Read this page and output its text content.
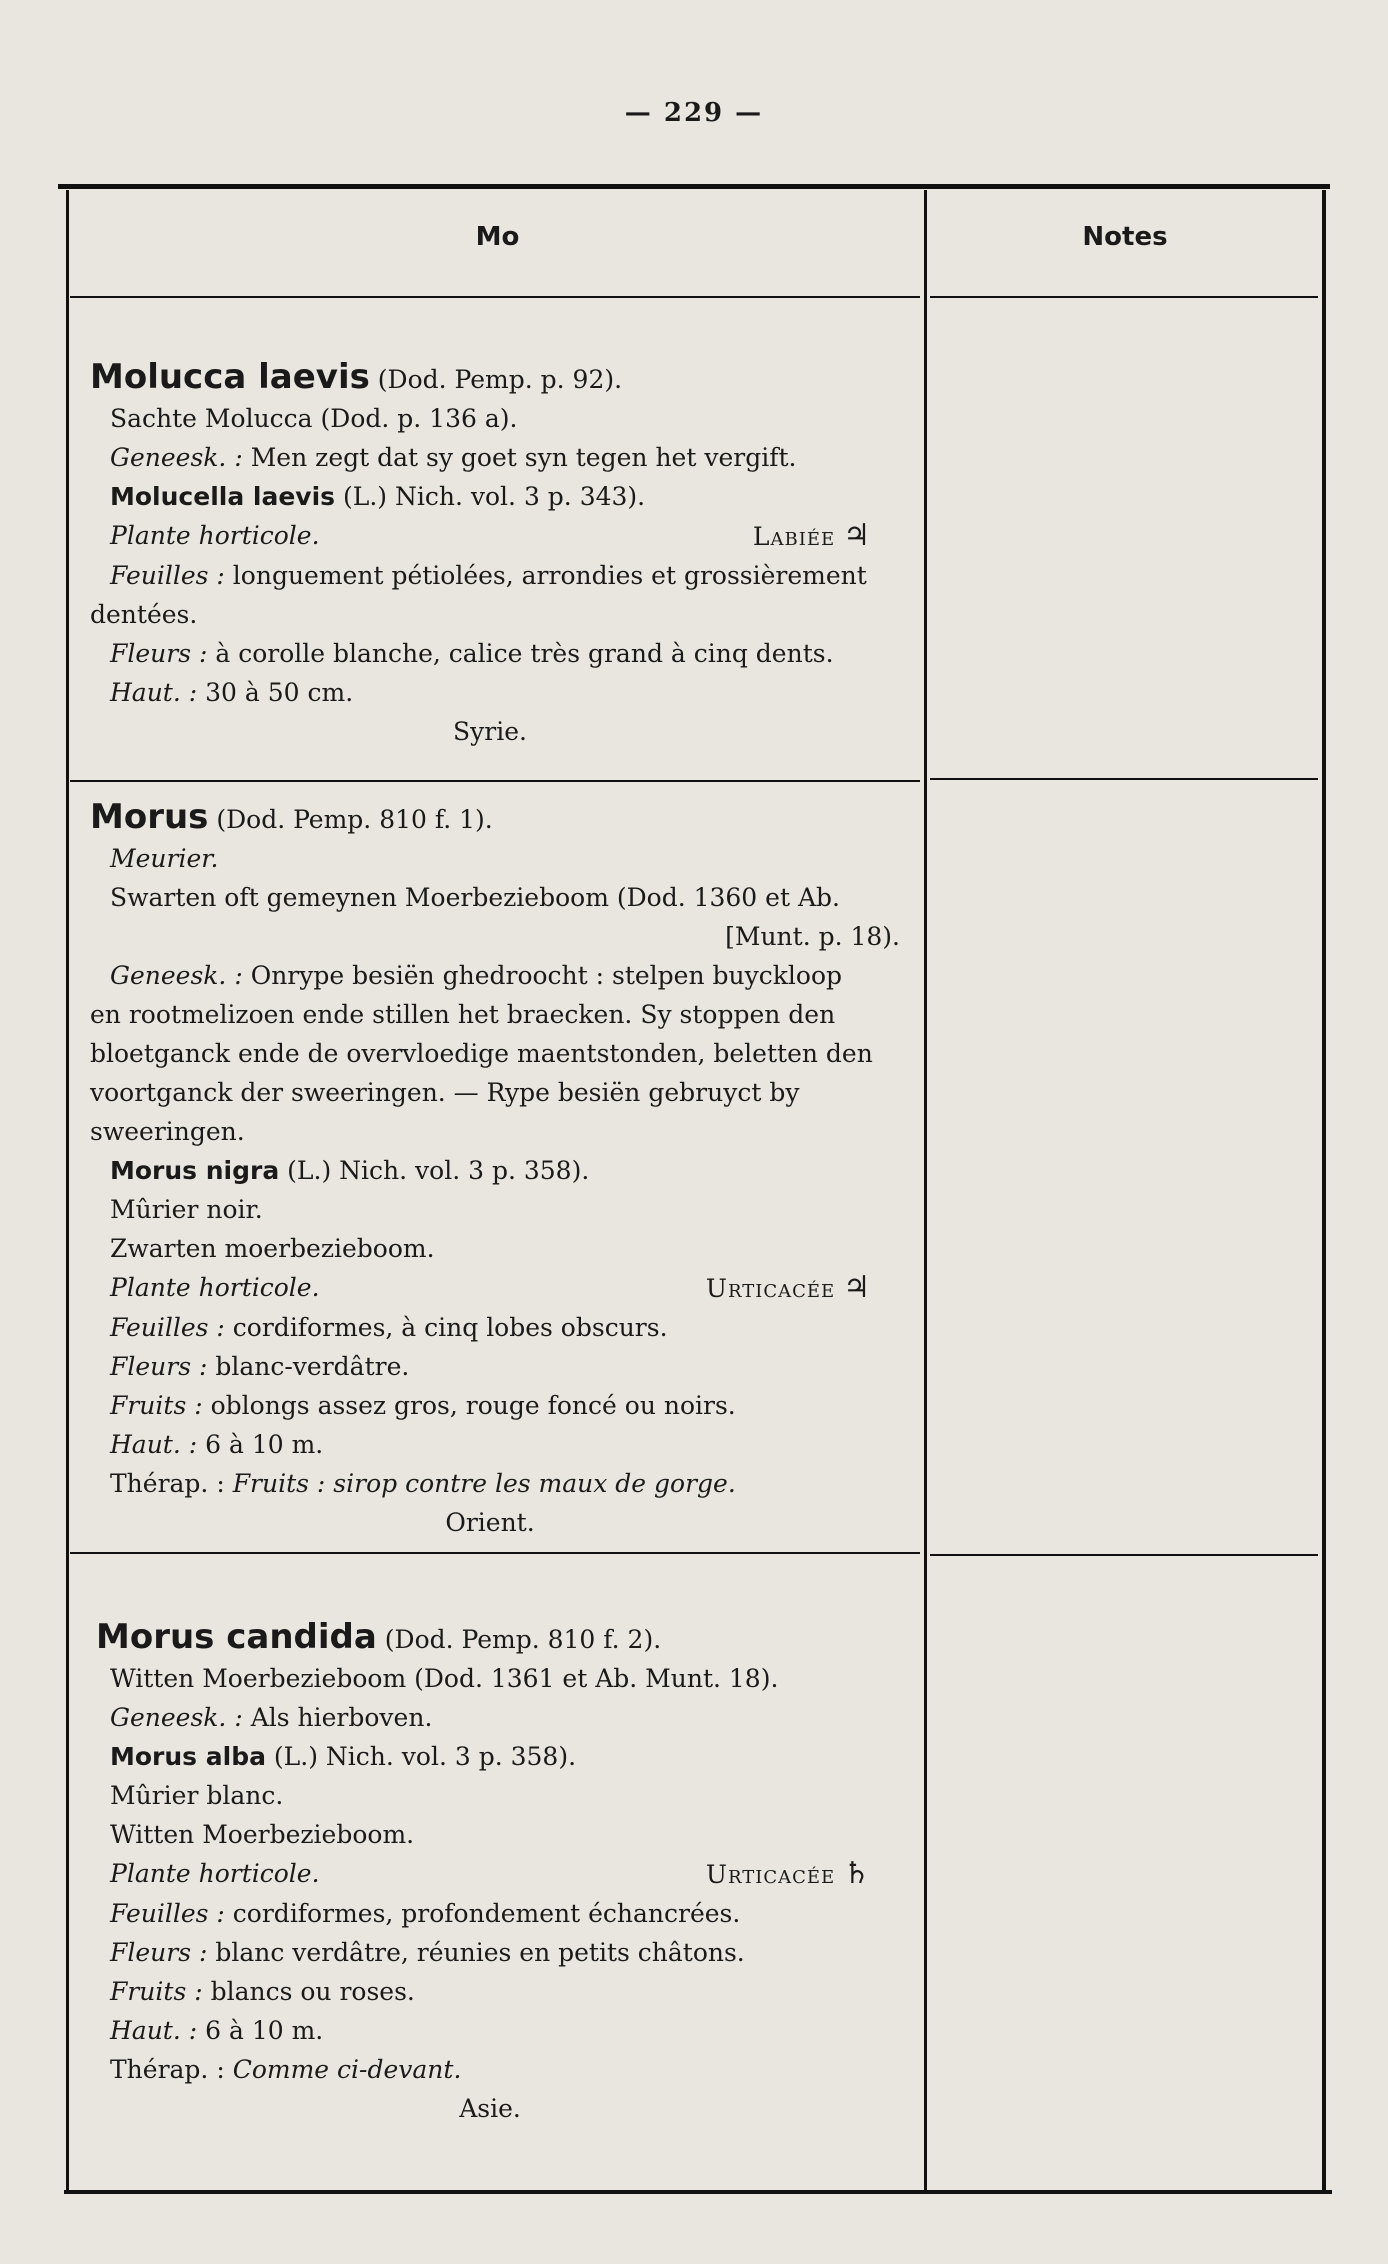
— 229 —
Mo	Notes
Molucca laevis (Dod. Pemp. p. 92).
Sachte Molucca (Dod. p. 136 a).
Geneesk. : Men zegt dat sy goet syn tegen het vergift.
Molucella laevis (L.) Nich. vol. 3 p. 343).
Plante horticole.	Labiée ♃
Feuilles : longuement pétiolées, arrondies et grossièrement
dentées.
Fleurs : à corolle blanche, calice très grand à cinq dents.
Haut. : 30 à 50 cm.
Syrie.
Morus (Dod. Pemp. 810 f. 1).
Meurier.
Swarten oft gemeynen Moerbezieboom (Dod. 1360 et Ab.
[Munt. p. 18).
Geneesk. : Onrype besiën ghedroocht : stelpen buyckloop
en rootmelizoen ende stillen het braecken. Sy stoppen den
bloetganck ende de overvloedige maentstonden, beletten den
voortganck der sweeringen. — Rype besiën gebruyct by
sweeringen.
Morus nigra (L.) Nich. vol. 3 p. 358).
Mûrier noir.
Zwarten moerbezieboom.
Plante horticole.	Urticacée ♃
Feuilles : cordiformes, à cinq lobes obscurs.
Fleurs : blanc-verdâtre.
Fruits : oblongs assez gros, rouge foncé ou noirs.
Haut. : 6 à 10 m.
Thérap. : Fruits : sirop contre les maux de gorge.
Orient.
Morus candida (Dod. Pemp. 810 f. 2).
Witten Moerbezieboom (Dod. 1361 et Ab. Munt. 18).
Geneesk. : Als hierboven.
Morus alba (L.) Nich. vol. 3 p. 358).
Mûrier blanc.
Witten Moerbezieboom.
Plante horticole.	Urticacée ♄
Feuilles : cordiformes, profondement échancrées.
Fleurs : blanc verdâtre, réunies en petits châtons.
Fruits : blancs ou roses.
Haut. : 6 à 10 m.
Thérap. : Comme ci-devant.
Asie.
